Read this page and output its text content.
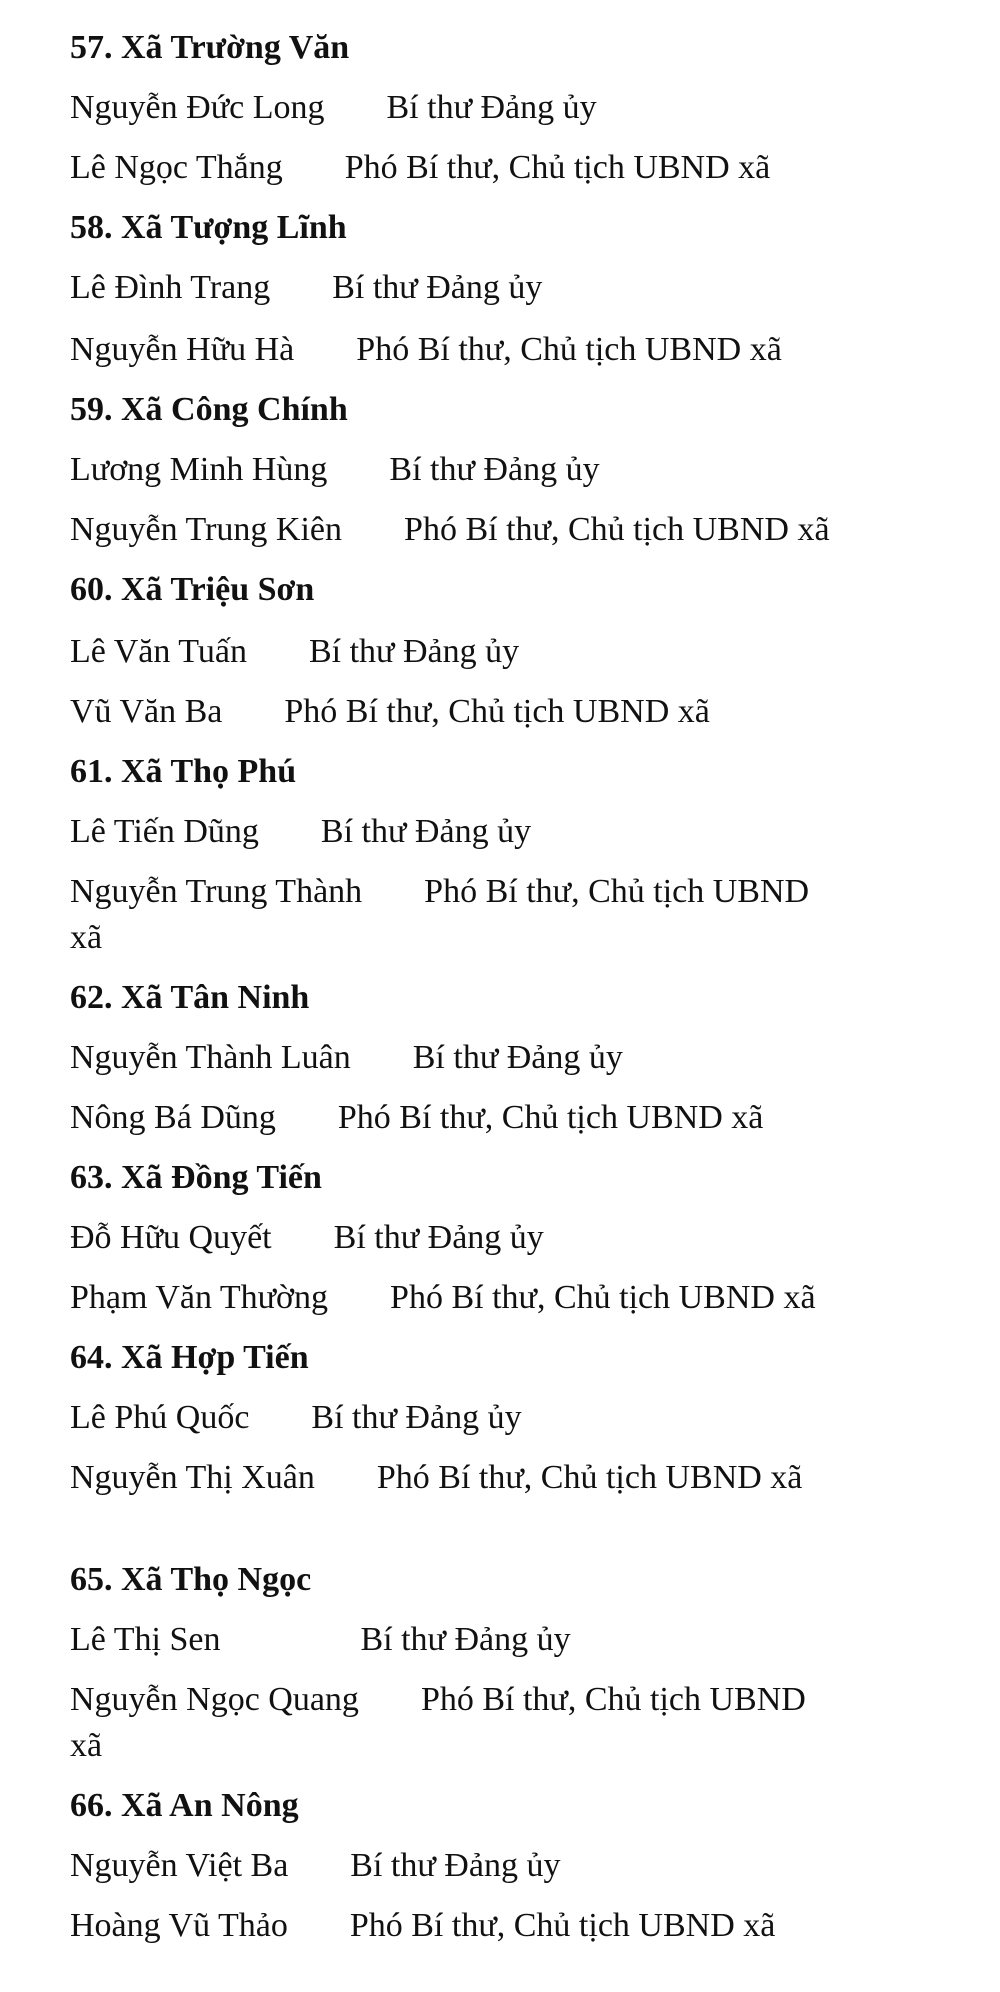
57. Xã Trường Văn
Nguyễn Đức Long Bí thư Đảng ủy
Lê Ngọc Thắng Phó Bí thư, Chủ tịch UBND xã
58. Xã Tượng Lĩnh
Lê Đình Trang Bí thư Đảng ủy
Nguyễn Hữu Hà Phó Bí thư, Chủ tịch UBND xã
59. Xã Công Chính
Lương Minh Hùng Bí thư Đảng ủy
Nguyễn Trung Kiên Phó Bí thư, Chủ tịch UBND xã
60. Xã Triệu Sơn
Lê Văn Tuấn Bí thư Đảng ủy
Vũ Văn Ba Phó Bí thư, Chủ tịch UBND xã
61. Xã Thọ Phú
Lê Tiến Dũng Bí thư Đảng ủy
Nguyễn Trung Thành Phó Bí thư, Chủ tịch UBND
xã
62. Xã Tân Ninh
Nguyễn Thành Luân Bí thư Đảng ủy
Nông Bá Dũng Phó Bí thư, Chủ tịch UBND xã
63. Xã Đồng Tiến
Đỗ Hữu Quyết Bí thư Đảng ủy
Phạm Văn Thường Phó Bí thư, Chủ tịch UBND xã
64. Xã Hợp Tiến
Lê Phú Quốc Bí thư Đảng ủy
Nguyễn Thị Xuân Phó Bí thư, Chủ tịch UBND xã
65. Xã Thọ Ngọc
Lê Thị Sen	Bí thư Đảng ủy
Nguyễn Ngọc Quang Phó Bí thư, Chủ tịch UBND
xã
66. Xã An Nông
Nguyễn Việt Ba Bí thư Đảng ủy
Hoàng Vũ Thảo Phó Bí thư, Chủ tịch UBND xã
